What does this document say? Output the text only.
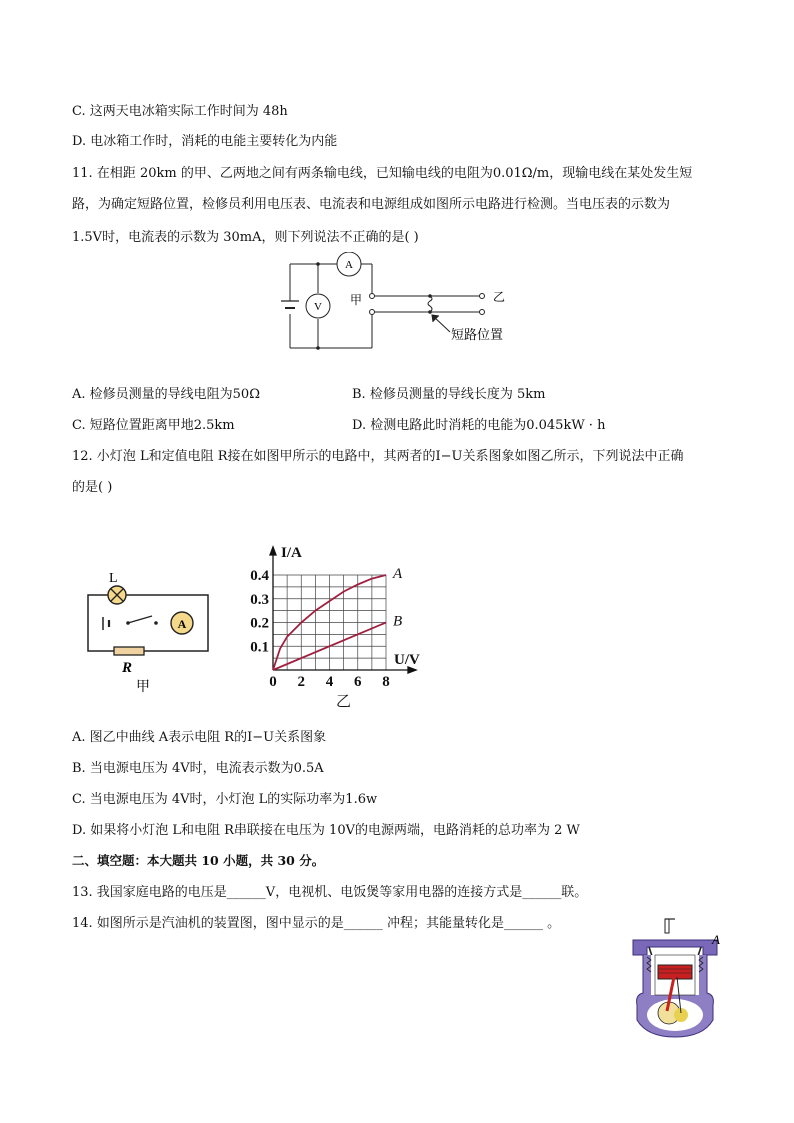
C. 这两天电冰箱实际工作时间为 48h
D. 电冰箱工作时，消耗的电能主要转化为内能
11. 在相距 20km 的甲、乙两地之间有两条输电线，已知输电线的电阻为0.01Ω/m，现输电线在某处发生短
路，为确定短路位置，检修员利用电压表、电流表和电源组成如图所示电路进行检测。当电压表的示数为
1.5V时，电流表的示数为 30mA，则下列说法不正确的是( )
A
V 甲	乙
短路位置
A. 检修员测量的导线电阻为50Ω	B. 检修员测量的导线长度为 5km
C. 短路位置距离甲地2.5km	D. 检测电路此时消耗的电能为0.045kW · h
12. 小灯泡 L和定值电阻 R接在如图甲所示的电路中，其两者的I−U关系图象如图乙所示，下列说法中正确
的是( )
L
A
R
甲	0 2 4 6 8
0.1
0.2
0.3
0.4
I/A
U/V
乙
A
B
A. 图乙中曲线 A表示电阻 R的I−U关系图象
B. 当电源电压为 4V时，电流表示数为0.5A
C. 当电源电压为 4V时，小灯泡 L的实际功率为1.6w
D. 如果将小灯泡 L和电阻 R串联接在电压为 10V的电源两端，电路消耗的总功率为 2 W
二、填空题：本大题共 10 小题，共 30 分。
13. 我国家庭电路的电压是______V，电视机、电饭煲等家用电器的连接方式是______联。
14. 如图所示是汽油机的装置图，图中显示的是______ 冲程；其能量转化是______ 。
A
